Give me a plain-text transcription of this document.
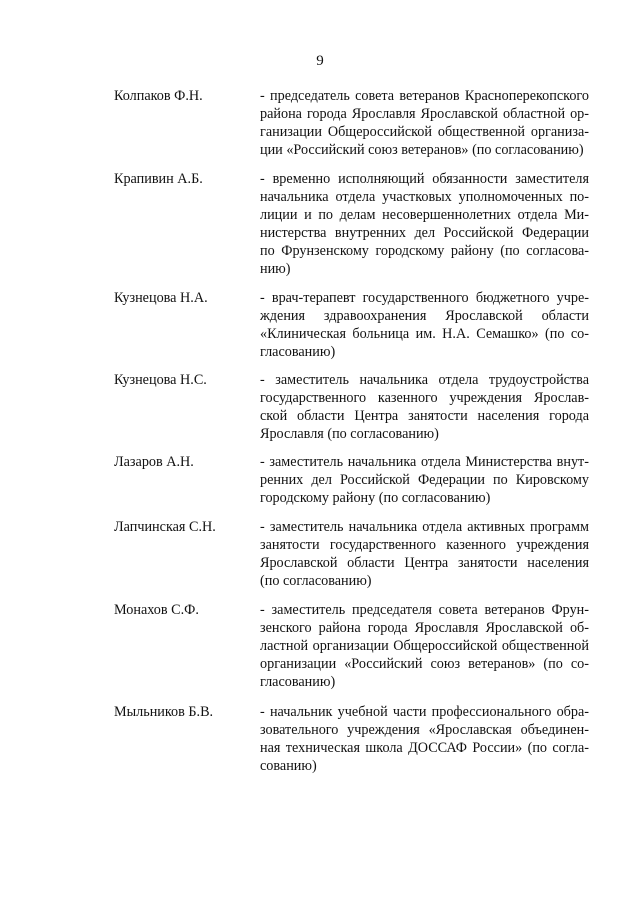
9
Колпаков Ф.Н.	- председатель совета ветеранов Краснoперекопского
района города Ярославля Ярославской областной ор-
ганизации Общероссийской общественной организа-
ции «Российский союз ветеранов» (по согласованию)
Крапивин А.Б.	- временно исполняющий обязанности заместителя
начальника отдела участковых уполномоченных по-
лиции и по делам несовершеннолетних отдела Ми-
нистерства внутренних дел Российской Федерации
по Фрунзенскому городскому району (по согласова-
нию)
Кузнецова Н.А.	- врач-терапевт государственного бюджетного учре-
ждения здравоохранения Ярославской области
«Клиническая больница им. Н.А. Семашко» (по со-
гласованию)
Кузнецова Н.С.	- заместитель начальника отдела трудоустройства
государственного казенного учреждения Ярослав-
ской области Центра занятости населения города
Ярославля (по согласованию)
Лазаров А.Н.	- заместитель начальника отдела Министерства внут-
ренних дел Российской Федерации по Кировскому
городскому району (по согласованию)
Лапчинская С.Н.	- заместитель начальника отдела активных программ
занятости государственного казенного учреждения
Ярославской области Центра занятости населения
(по согласованию)
Монахов С.Ф.	- заместитель председателя совета ветеранов Фрун-
зенского района города Ярославля Ярославской об-
ластной организации Общероссийской общественной
организации «Российский союз ветеранов» (по со-
гласованию)
Мыльников Б.В.	- начальник учебной части профессионального обра-
зовательного учреждения «Ярославская объединен-
ная техническая школа ДОССАФ России» (по согла-
сованию)
